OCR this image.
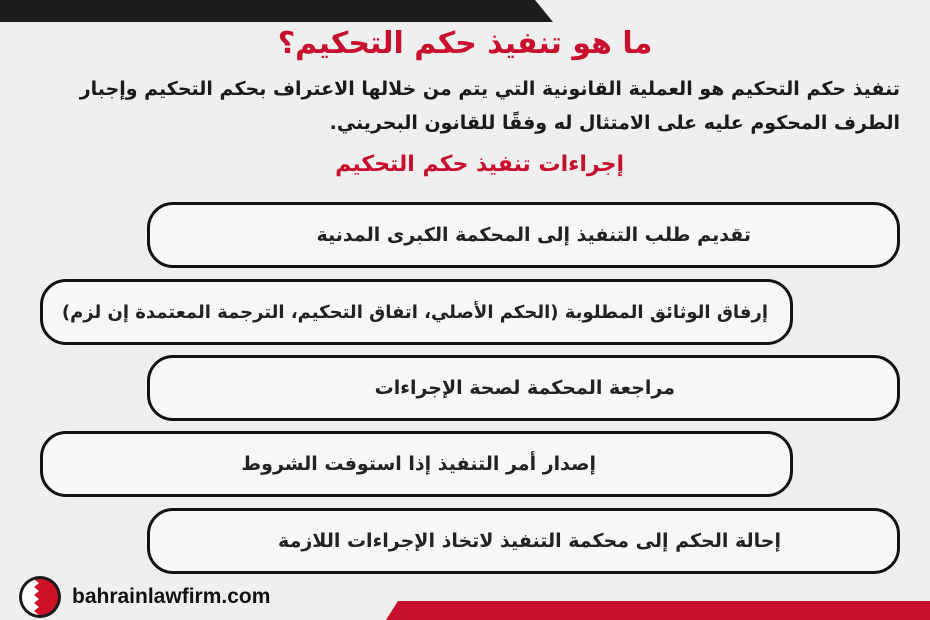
ما هو تنفيذ حكم التحكيم؟
تنفيذ حكم التحكيم هو العملية القانونية التي يتم من خلالها الاعتراف بحكم التحكيم وإجبار الطرف المحكوم عليه على الامتثال له وفقًا للقانون البحريني.
إجراءات تنفيذ حكم التحكيم
تقديم طلب التنفيذ إلى المحكمة الكبرى المدنية
إرفاق الوثائق المطلوبة (الحكم الأصلي، اتفاق التحكيم، الترجمة المعتمدة إن لزم)
مراجعة المحكمة لصحة الإجراءات
إصدار أمر التنفيذ إذا استوفت الشروط
إحالة الحكم إلى محكمة التنفيذ لاتخاذ الإجراءات اللازمة
bahrainlawfirm.com
